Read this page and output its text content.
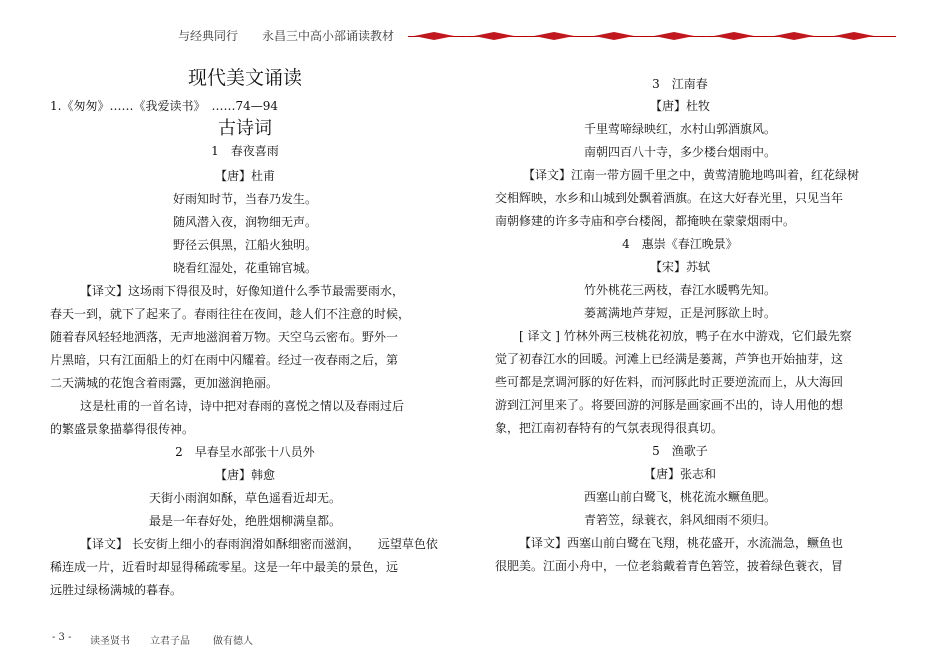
与经典同行　　永昌三中高小部诵读教材
现代美文诵读
1.《匆匆》……《我爱读书》　……74—94
古诗词
1　春夜喜雨
【唐】杜甫
好雨知时节，当春乃发生。
随风潜入夜，润物细无声。
野径云俱黑，江船火独明。
晓看红湿处，花重锦官城。
【译文】这场雨下得很及时，好像知道什么季节最需要雨水，
春天一到，就下了起来了。春雨往往在夜间，趁人们不注意的时候，
随着春风轻轻地洒落，无声地滋润着万物。天空乌云密布。野外一
片黑暗，只有江面船上的灯在雨中闪耀着。经过一夜春雨之后，第
二天满城的花饱含着雨露，更加滋润艳丽。
这是杜甫的一首名诗，诗中把对春雨的喜悦之情以及春雨过后
的繁盛景象描摹得很传神。
2　早春呈水部张十八员外
【唐】韩愈
天街小雨润如酥，草色遥看近却无。
最是一年春好处，绝胜烟柳满皇都。
【译文】 长安街上细小的春雨润滑如酥细密而滋润，　　远望草色依
稀连成一片，近看时却显得稀疏零星。这是一年中最美的景色，远
远胜过绿杨满城的暮春。
3　江南春
【唐】杜牧
千里莺啼绿映红，水村山郭酒旗风。
南朝四百八十寺，多少楼台烟雨中。
【译文】江南一带方圆千里之中，黄莺清脆地鸣叫着，红花绿树
交相辉映，水乡和山城到处飘着酒旗。在这大好春光里，只见当年
南朝修建的许多寺庙和亭台楼阁，都掩映在蒙蒙烟雨中。
4　惠崇《春江晚景》
【宋】苏轼
竹外桃花三两枝，春江水暖鸭先知。
蒌蒿满地芦芽短，正是河豚欲上时。
[ 译文 ] 竹林外两三枝桃花初放，鸭子在水中游戏，它们最先察
觉了初春江水的回暖。河滩上已经满是蒌蒿，芦笋也开始抽芽，这
些可都是烹调河豚的好佐料，而河豚此时正要逆流而上，从大海回
游到江河里来了。将要回游的河豚是画家画不出的，诗人用他的想
象，把江南初春特有的气氛表现得很真切。
5　渔歌子
【唐】张志和
西塞山前白鹭飞，桃花流水鳜鱼肥。
青箬笠，绿蓑衣，斜风细雨不须归。
【译文】西塞山前白鹭在飞翔，桃花盛开，水流湍急，鳜鱼也
很肥美。江面小舟中，一位老翁戴着青色箬笠，披着绿色蓑衣，冒
- 3 - 读圣贤书 立君子品 做有德人
